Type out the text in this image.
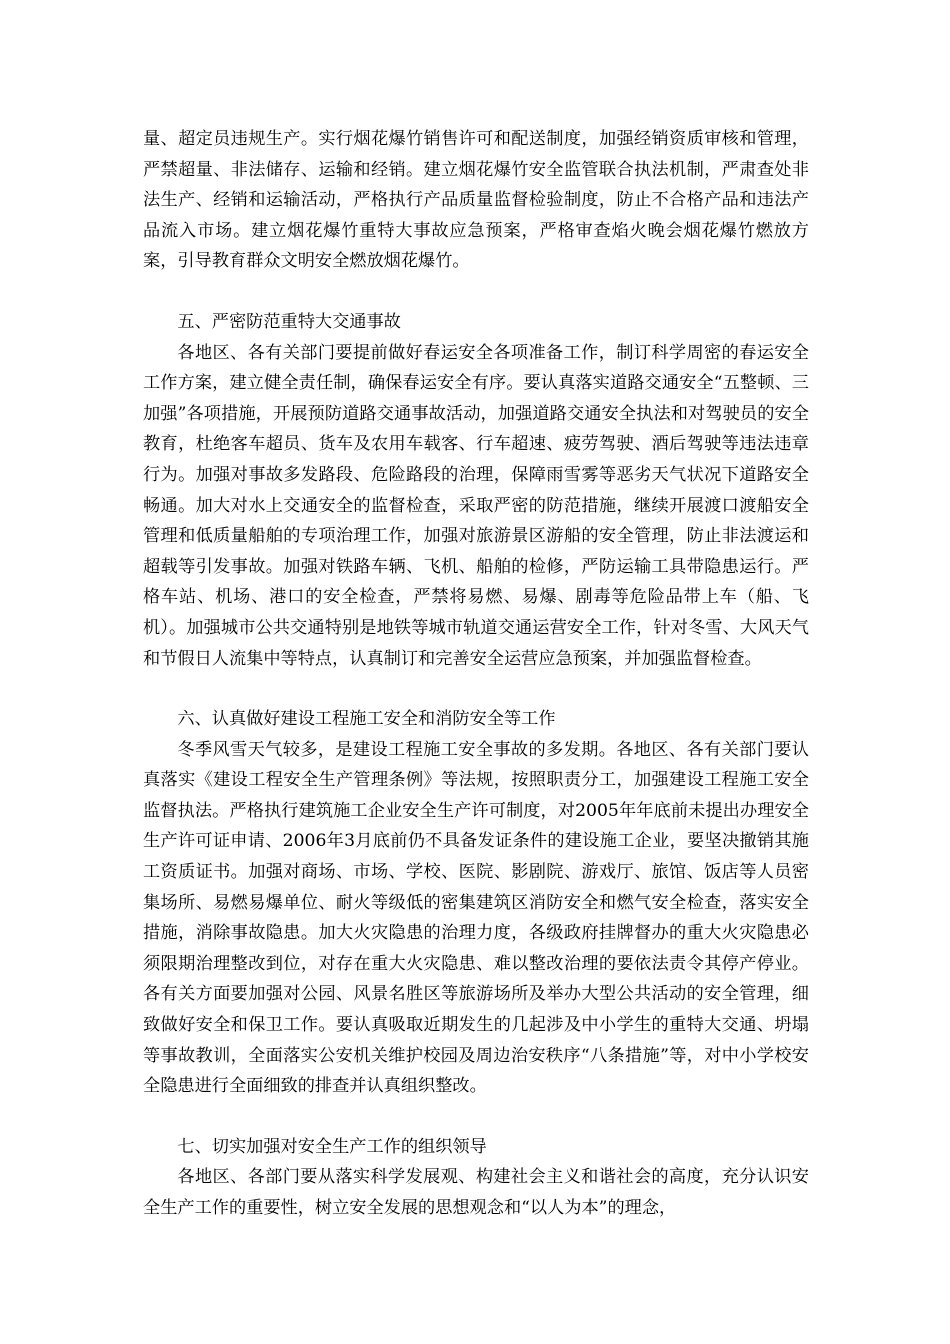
量、超定员违规生产。实行烟花爆竹销售许可和配送制度，加强经销资质审核和管理，严禁超量、非法储存、运输和经销。建立烟花爆竹安全监管联合执法机制，严肃查处非法生产、经销和运输活动，严格执行产品质量监督检验制度，防止不合格产品和违法产品流入市场。建立烟花爆竹重特大事故应急预案，严格审查焰火晚会烟花爆竹燃放方案，引导教育群众文明安全燃放烟花爆竹。

五、严密防范重特大交通事故

各地区、各有关部门要提前做好春运安全各项准备工作，制订科学周密的春运安全工作方案，建立健全责任制，确保春运安全有序。要认真落实道路交通安全“五整顿、三加强”各项措施，开展预防道路交通事故活动，加强道路交通安全执法和对驾驶员的安全教育，杜绝客车超员、货车及农用车载客、行车超速、疲劳驾驶、酒后驾驶等违法违章行为。加强对事故多发路段、危险路段的治理，保障雨雪雾等恶劣天气状况下道路安全畅通。加大对水上交通安全的监督检查，采取严密的防范措施，继续开展渡口渡船安全管理和低质量船舶的专项治理工作，加强对旅游景区游船的安全管理，防止非法渡运和超载等引发事故。加强对铁路车辆、飞机、船舶的检修，严防运输工具带隐患运行。严格车站、机场、港口的安全检查，严禁将易燃、易爆、剧毒等危险品带上车（船、飞机）。加强城市公共交通特别是地铁等城市轨道交通运营安全工作，针对冬雪、大风天气和节假日人流集中等特点，认真制订和完善安全运营应急预案，并加强监督检查。

六、认真做好建设工程施工安全和消防安全等工作

冬季风雪天气较多，是建设工程施工安全事故的多发期。各地区、各有关部门要认真落实《建设工程安全生产管理条例》等法规，按照职责分工，加强建设工程施工安全监督执法。严格执行建筑施工企业安全生产许可制度，对2005年年底前未提出办理安全生产许可证申请、2006年3月底前仍不具备发证条件的建设施工企业，要坚决撤销其施工资质证书。加强对商场、市场、学校、医院、影剧院、游戏厅、旅馆、饭店等人员密集场所、易燃易爆单位、耐火等级低的密集建筑区消防安全和燃气安全检查，落实安全措施，消除事故隐患。加大火灾隐患的治理力度，各级政府挂牌督办的重大火灾隐患必须限期治理整改到位，对存在重大火灾隐患、难以整改治理的要依法责令其停产停业。各有关方面要加强对公园、风景名胜区等旅游场所及举办大型公共活动的安全管理，细致做好安全和保卫工作。要认真吸取近期发生的几起涉及中小学生的重特大交通、坍塌等事故教训，全面落实公安机关维护校园及周边治安秩序“八条措施”等，对中小学校安全隐患进行全面细致的排查并认真组织整改。

七、切实加强对安全生产工作的组织领导

各地区、各部门要从落实科学发展观、构建社会主义和谐社会的高度，充分认识安全生产工作的重要性，树立安全发展的思想观念和“以人为本”的理念，
